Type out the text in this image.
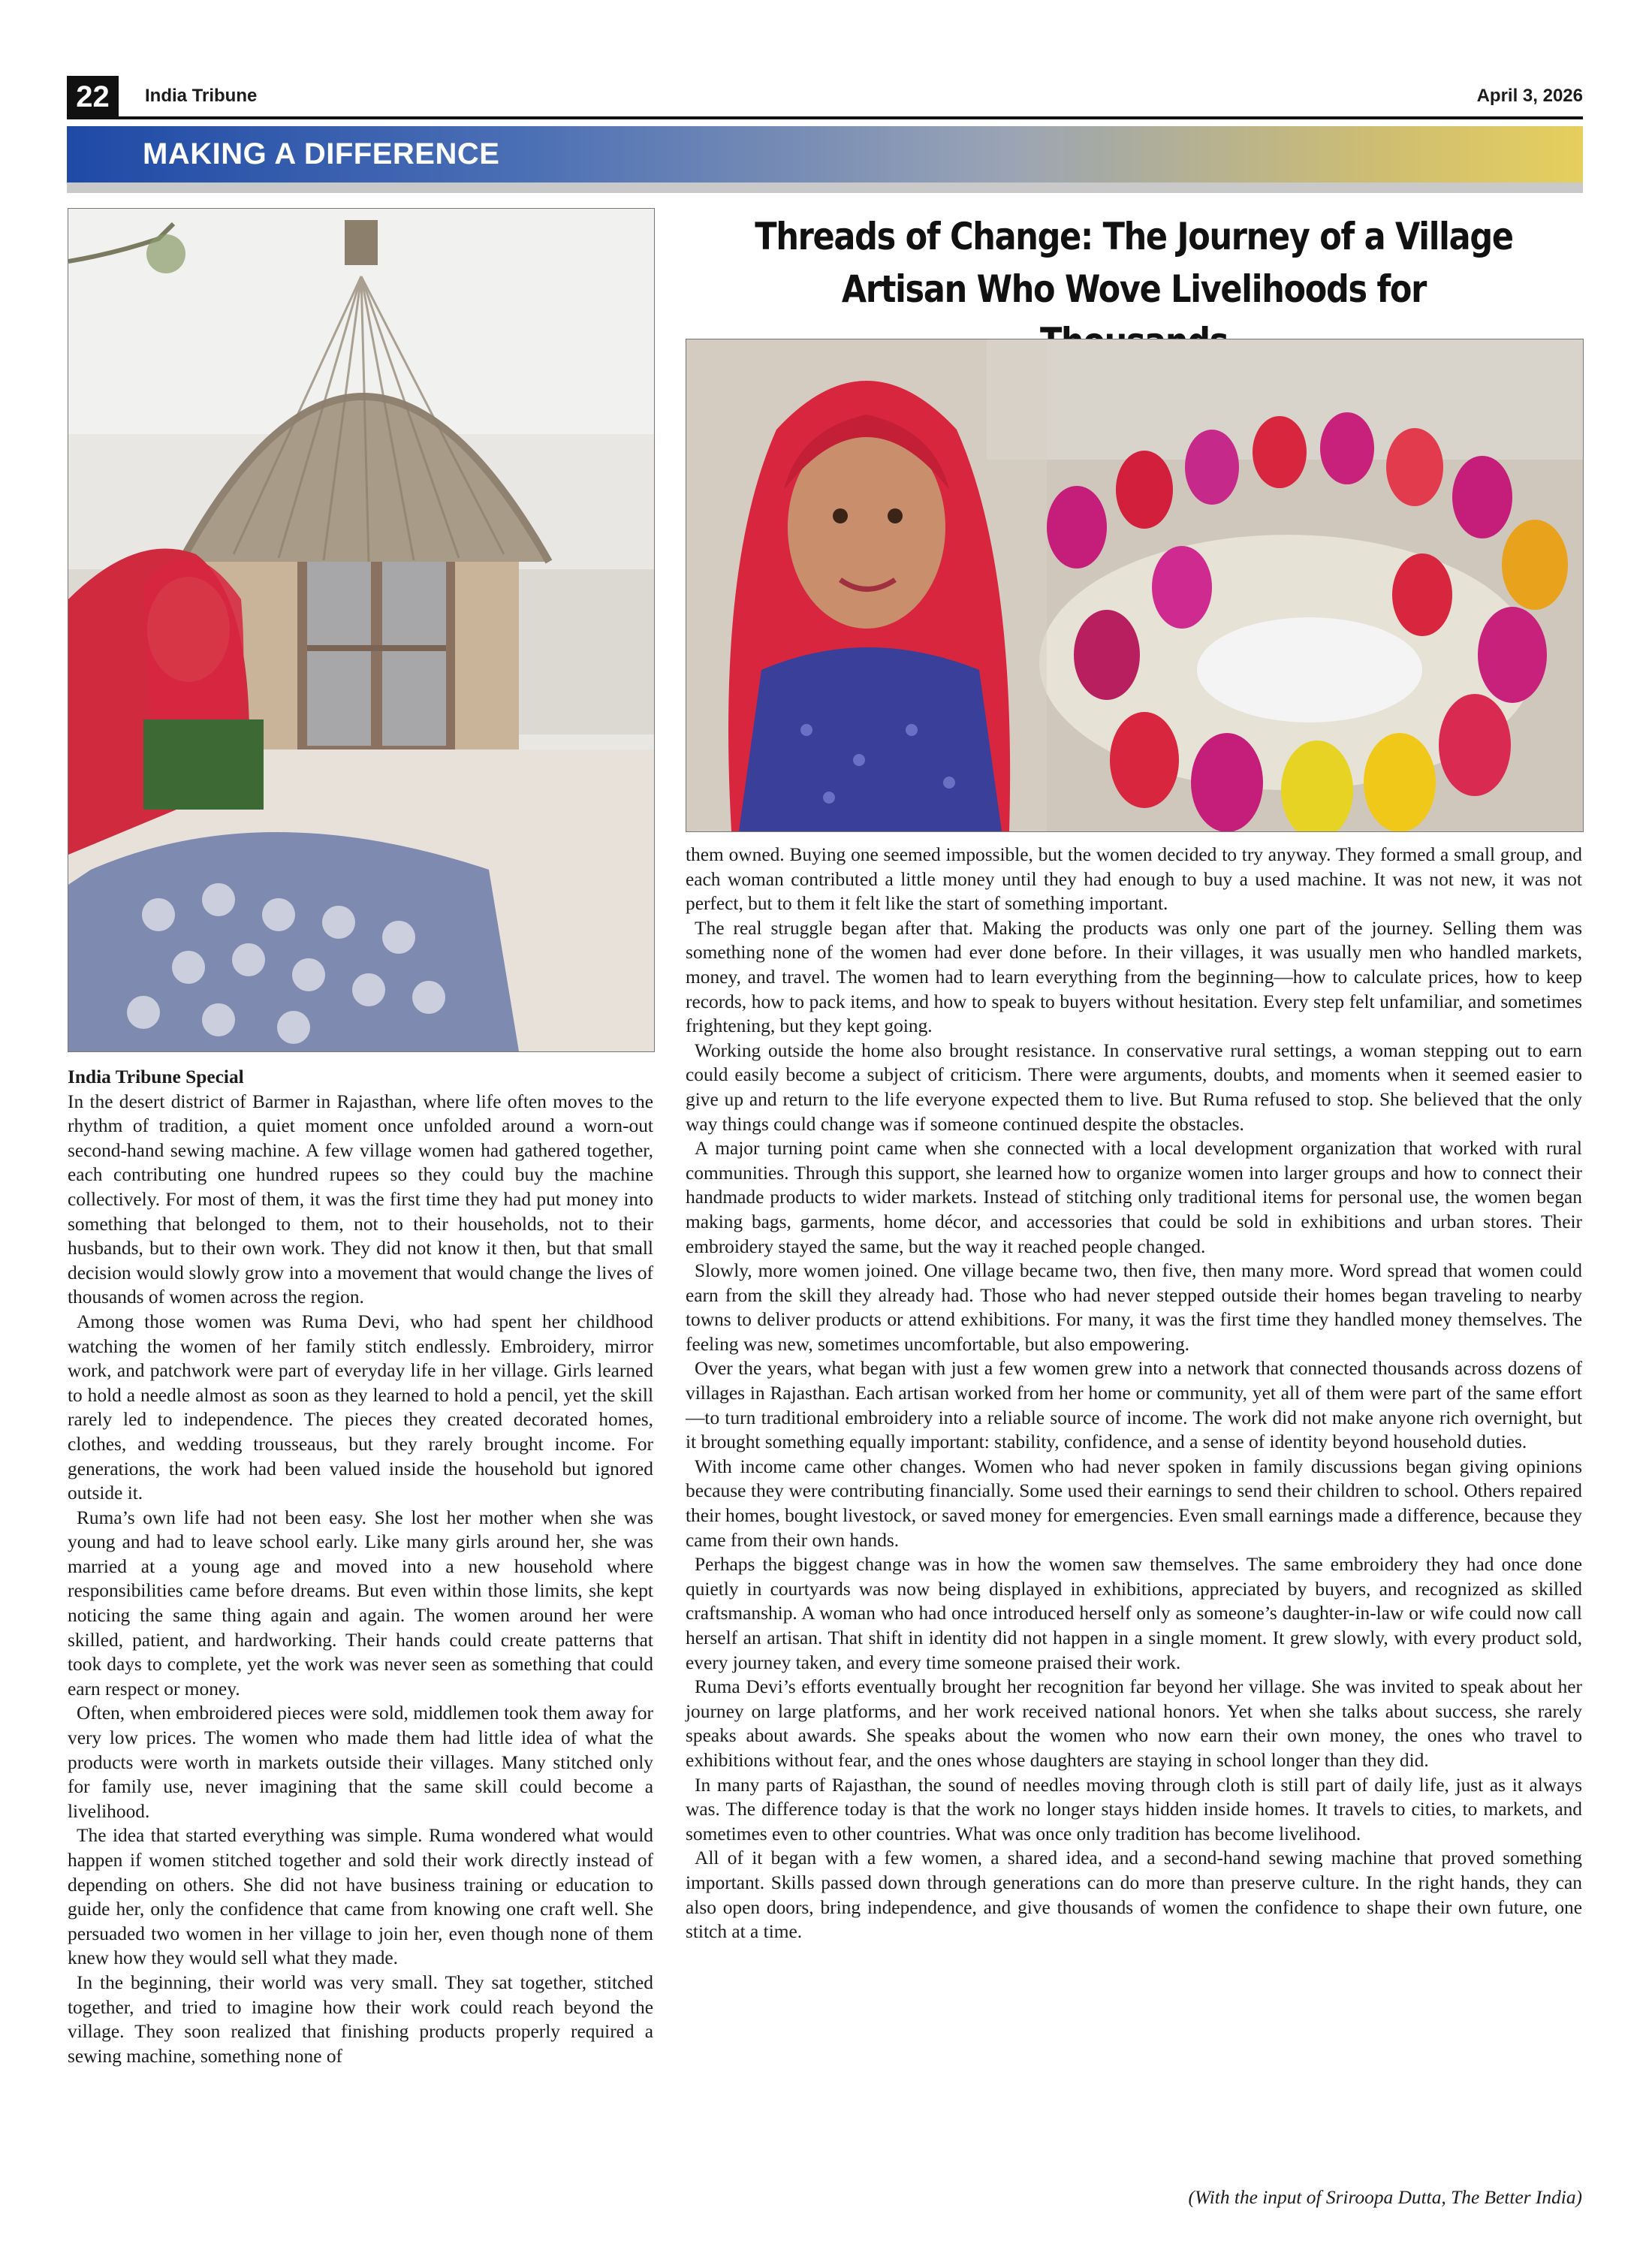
22	India Tribune	April 3, 2026
MAKING A DIFFERENCE
Threads of Change: The Journey of a Village
Artisan Who Wove Livelihoods for
India Tribune Special

In the desert district of Barmer in Rajasthan, where life often moves to the rhythm of tradition, a quiet moment once unfolded around a worn-out second-hand sewing machine. A few village women had gathered together, each contributing one hundred rupees so they could buy the machine collectively. For most of them, it was the first time they had put money into something that belonged to them, not to their households, not to their husbands, but to their own work. They did not know it then, but that small decision would slowly grow into a movement that would change the lives of thousands of women across the region.

Among those women was Ruma Devi, who had spent her childhood watching the women of her family stitch endlessly. Embroidery, mirror work, and patchwork were part of everyday life in her village. Girls learned to hold a needle almost as soon as they learned to hold a pencil, yet the skill rarely led to independence. The pieces they created decorated homes, clothes, and wedding trousseaus, but they rarely brought income. For generations, the work had been valued inside the household but ignored outside it.

Ruma’s own life had not been easy. She lost her mother when she was young and had to leave school early. Like many girls around her, she was married at a young age and moved into a new household where responsibilities came before dreams. But even within those limits, she kept noticing the same thing again and again. The women around her were skilled, patient, and hardworking. Their hands could create patterns that took days to complete, yet the work was never seen as something that could earn respect or money.

Often, when embroidered pieces were sold, middlemen took them away for very low prices. The women who made them had little idea of what the products were worth in markets outside their villages. Many stitched only for family use, never imagining that the same skill could become a livelihood.

The idea that started everything was simple. Ruma wondered what would happen if women stitched together and sold their work directly instead of depending on others. She did not have business training or education to guide her, only the confidence that came from knowing one craft well. She persuaded two women in her village to join her, even though none of them knew how they would sell what they made.

In the beginning, their world was very small. They sat together, stitched together, and tried to imagine how their work could reach beyond the village. They soon realized that finishing products properly required a sewing machine, something none of

them owned. Buying one seemed impossible, but the women decided to try anyway. They formed a small group, and each woman contributed a little money until they had enough to buy a used machine. It was not new, it was not perfect, but to them it felt like the start of something important.

The real struggle began after that. Making the products was only one part of the journey. Selling them was something none of the women had ever done before. In their villages, it was usually men who handled markets, money, and travel. The women had to learn everything from the beginning—how to calculate prices, how to keep records, how to pack items, and how to speak to buyers without hesitation. Every step felt unfamiliar, and sometimes frightening, but they kept going.

Working outside the home also brought resistance. In conservative rural settings, a woman stepping out to earn could easily become a subject of criticism. There were arguments, doubts, and moments when it seemed easier to give up and return to the life everyone expected them to live. But Ruma refused to stop. She believed that the only way things could change was if someone continued despite the obstacles.

A major turning point came when she connected with a local development organization that worked with rural communities. Through this support, she learned how to organize women into larger groups and how to connect their handmade products to wider markets. Instead of stitching only traditional items for personal use, the women began making bags, garments, home décor, and accessories that could be sold in exhibitions and urban stores. Their embroidery stayed the same, but the way it reached people changed.

Slowly, more women joined. One village became two, then five, then many more. Word spread that women could earn from the skill they already had. Those who had never stepped outside their homes began traveling to nearby towns to deliver products or attend exhibitions. For many, it was the first time they handled money themselves. The feeling was new, sometimes uncomfortable, but also empowering.

Over the years, what began with just a few women grew into a network that connected thousands across dozens of villages in Rajasthan. Each artisan worked from her home or community, yet all of them were part of the same effort—to turn traditional embroidery into a reliable source of income. The work did not make anyone rich overnight, but it brought something equally important: stability, confidence, and a sense of identity beyond household duties.

With income came other changes. Women who had never spoken in family discussions began giving opinions because they were contributing financially. Some used their earnings to send their children to school. Others repaired their homes, bought livestock, or saved money for emergencies. Even small earnings made a difference, because they came from their own hands.

Perhaps the biggest change was in how the women saw themselves. The same embroidery they had once done quietly in courtyards was now being displayed in exhibitions, appreciated by buyers, and recognized as skilled craftsmanship. A woman who had once introduced herself only as someone’s daughter-in-law or wife could now call herself an artisan. That shift in identity did not happen in a single moment. It grew slowly, with every product sold, every journey taken, and every time someone praised their work.

Ruma Devi’s efforts eventually brought her recognition far beyond her village. She was invited to speak about her journey on large platforms, and her work received national honors. Yet when she talks about success, she rarely speaks about awards. She speaks about the women who now earn their own money, the ones who travel to exhibitions without fear, and the ones whose daughters are staying in school longer than they did.

In many parts of Rajasthan, the sound of needles moving through cloth is still part of daily life, just as it always was. The difference today is that the work no longer stays hidden inside homes. It travels to cities, to markets, and sometimes even to other countries. What was once only tradition has become livelihood.

All of it began with a few women, a shared idea, and a second-hand sewing machine that proved something important. Skills passed down through generations can do more than preserve culture. In the right hands, they can also open doors, bring independence, and give thousands of women the confidence to shape their own future, one stitch at a time.

(With the input of Sriroopa Dutta, The Better India)
